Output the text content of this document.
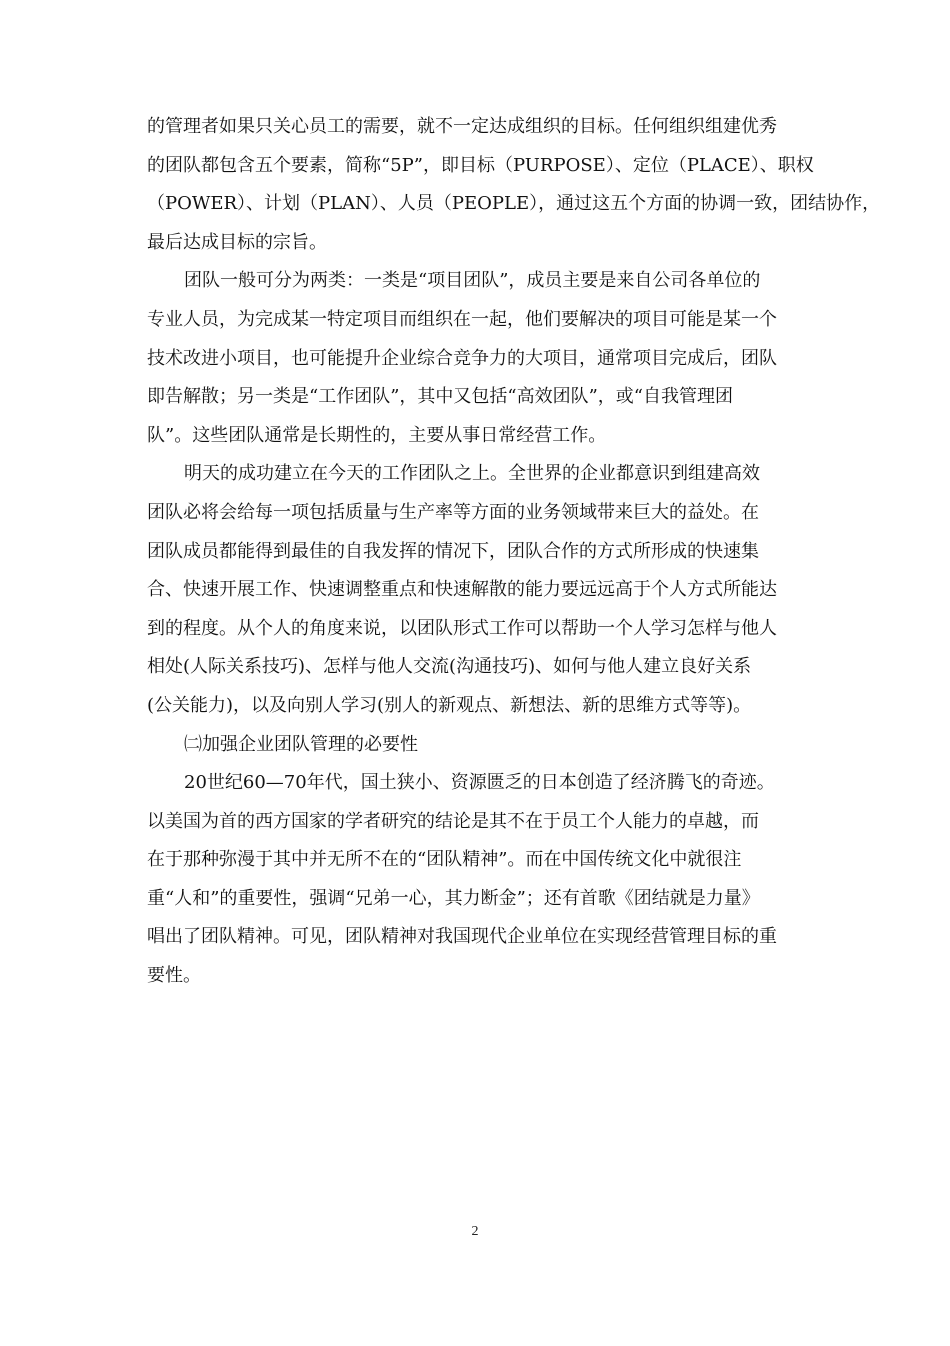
的管理者如果只关心员工的需要，就不一定达成组织的目标。任何组织组建优秀
的团队都包含五个要素，简称“5P”，即目标（PURPOSE）、定位（PLACE）、职权
（POWER）、计划（PLAN）、人员（PEOPLE），通过这五个方面的协调一致，团结协作，
最后达成目标的宗旨。
团队一般可分为两类：一类是“项目团队”，成员主要是来自公司各单位的
专业人员，为完成某一特定项目而组织在一起，他们要解决的项目可能是某一个
技术改进小项目，也可能提升企业综合竞争力的大项目，通常项目完成后，团队
即告解散；另一类是“工作团队”，其中又包括“高效团队”，或“自我管理团
队”。这些团队通常是长期性的，主要从事日常经营工作。
明天的成功建立在今天的工作团队之上。全世界的企业都意识到组建高效
团队必将会给每一项包括质量与生产率等方面的业务领域带来巨大的益处。在
团队成员都能得到最佳的自我发挥的情况下，团队合作的方式所形成的快速集
合、快速开展工作、快速调整重点和快速解散的能力要远远高于个人方式所能达
到的程度。从个人的角度来说，以团队形式工作可以帮助一个人学习怎样与他人
相处(人际关系技巧)、怎样与他人交流(沟通技巧)、如何与他人建立良好关系
(公关能力)，以及向别人学习(别人的新观点、新想法、新的思维方式等等)。
㈡加强企业团队管理的必要性
20世纪60—70年代，国土狭小、资源匮乏的日本创造了经济腾飞的奇迹。
以美国为首的西方国家的学者研究的结论是其不在于员工个人能力的卓越，而
在于那种弥漫于其中并无所不在的“团队精神”。而在中国传统文化中就很注
重“人和”的重要性，强调“兄弟一心，其力断金”；还有首歌《团结就是力量》
唱出了团队精神。可见，团队精神对我国现代企业单位在实现经营管理目标的重
要性。
2
